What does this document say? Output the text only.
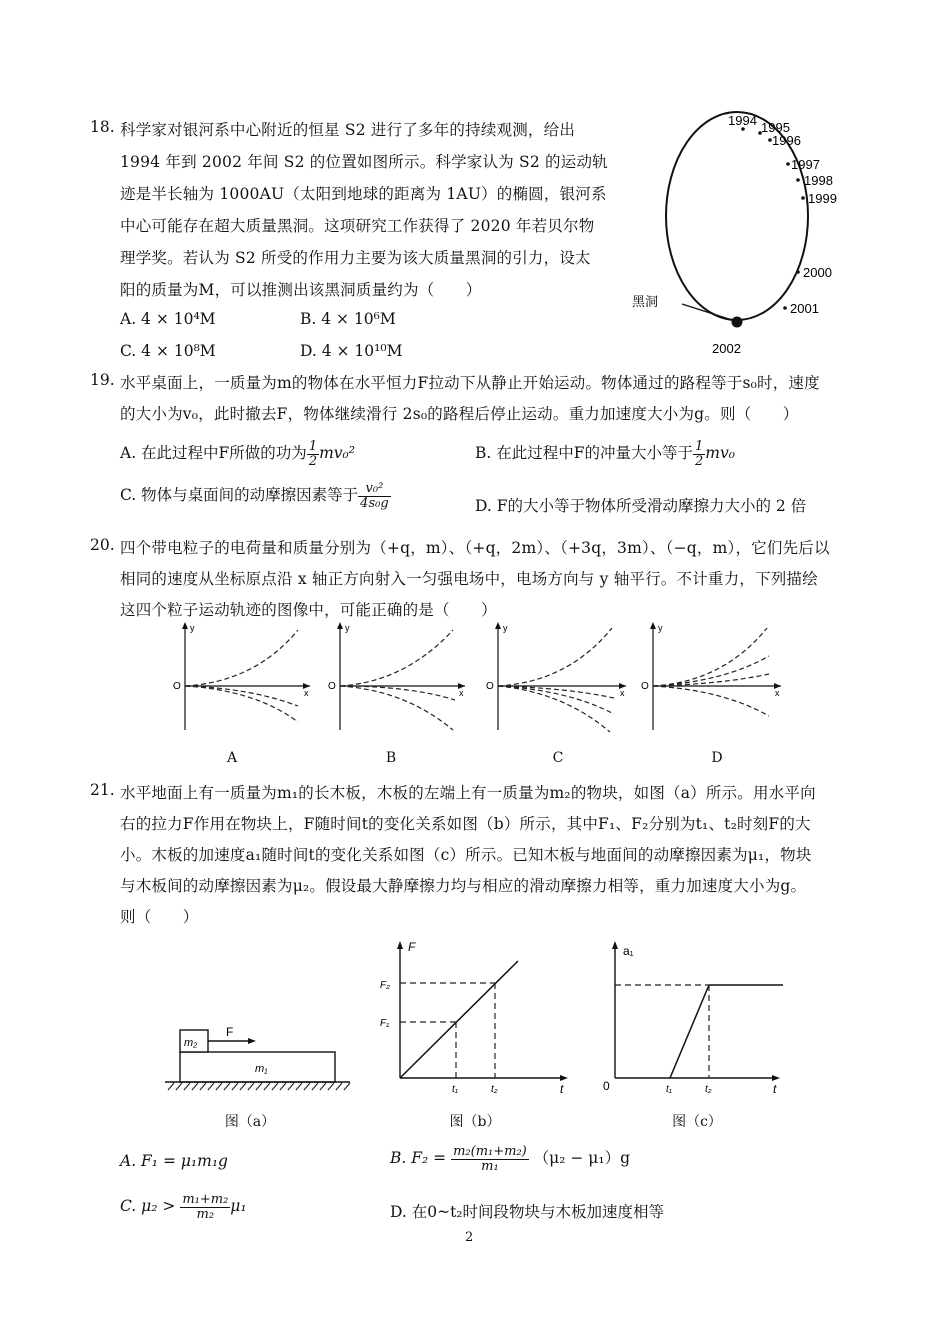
18. 科学家对银河系中心附近的恒星 S2 进行了多年的持续观测，给出
1994 年到 2002 年间 S2 的位置如图所示。科学家认为 S2 的运动轨
迹是半长轴为 1000AU（太阳到地球的距离为 1AU）的椭圆，银河系
中心可能存在超大质量黑洞。这项研究工作获得了 2020 年若贝尔物
理学奖。若认为 S2 所受的作用力主要为该大质量黑洞的引力，设太
阳的质量为M，可以推测出该黑洞质量约为（　　）
A. 4 × 10⁴M	B. 4 × 10⁶M
C. 4 × 10⁸M	D. 4 × 10¹⁰M
黑洞
1994 1995
1996
1997
1998
1999
2000
2001
2002
19. 水平桌面上，一质量为m的物体在水平恒力F拉动下从静止开始运动。物体通过的路程等于s₀时，速度
的大小为v₀，此时撤去F，物体继续滑行 2s₀的路程后停止运动。重力加速度大小为g。则（　　）
A. 在此过程中F所做的功为 $\frac{1}{2} mv_0^2$	B. 在此过程中F的冲量大小等于 $\frac{1}{2} mv_0$
C. 物体与桌面间的动摩擦因素等于 $\frac{\text{v₀²}}{\text{4s₀g}}$	D. F的大小等于物体所受滑动摩擦力大小的 2 倍
20. 四个带电粒子的电荷量和质量分别为（+q，m）、（+q，2m）、（+3q，3m）、（−q，m），它们先后以
相同的速度从坐标原点沿 x 轴正方向射入一匀强电场中，电场方向与 y 轴平行。不计重力，下列描绘
这四个粒子运动轨迹的图像中，可能正确的是（　　）
y
x
O
A
y
x
O
B
y
x
O
C
y
x
O
D
21. 水平地面上有一质量为m₁的长木板，木板的左端上有一质量为m₂的物块，如图（a）所示。用水平向
右的拉力F作用在物块上，F随时间t的变化关系如图（b）所示，其中F₁、F₂分别为t₁、t₂时刻F的大
小。木板的加速度a₁随时间t的变化关系如图（c）所示。已知木板与地面间的动摩擦因素为μ₁，物块
与木板间的动摩擦因素为μ₂。假设最大静摩擦力均与相应的滑动摩擦力相等，重力加速度大小为g。
则（　　）
F
m₂
m₁
图（a）
F
t
F₁
F₂
t₁	t₂
图（b）
a₁
0	t
t₁	t₂
图（c）
A. F₁ = μ₁m₁g	B. $F_2 = \frac{\text{m₂(m₁+m₂)}}{\text{m₁}} (\mu_2 - \mu_1)g$
C. $\mu_2 > \frac{\text{m₁+m₂}}{\text{m₂}} \mu_1$	D. 在0~t₂时间段物块与木板加速度相等
2
